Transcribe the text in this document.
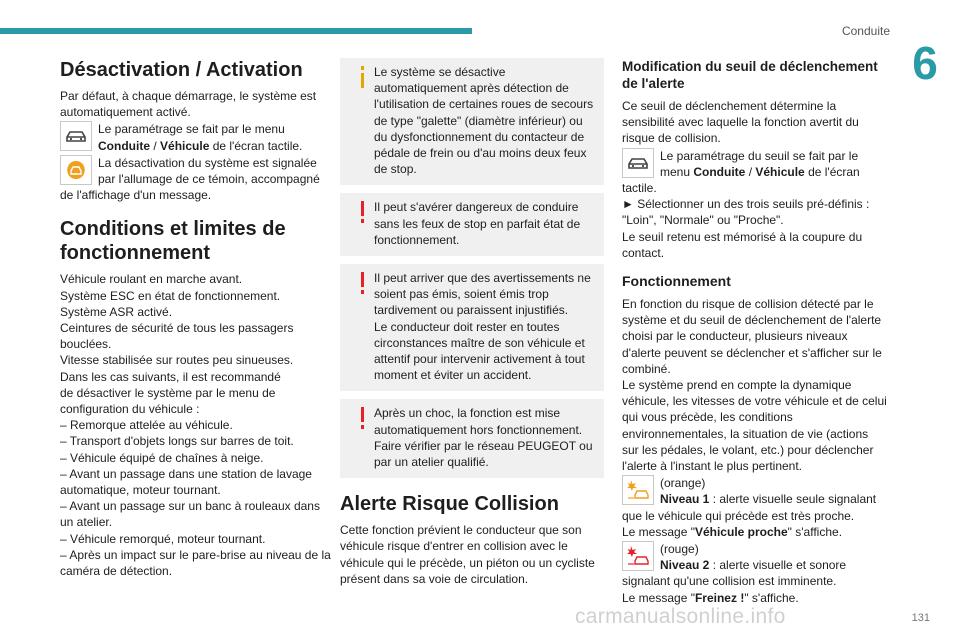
Conduite
6
Désactivation / Activation

Par défaut, à chaque démarrage, le système est automatiquement activé.

Le paramétrage se fait par le menu Conduite / Véhicule de l'écran tactile.
La désactivation du système est signalée par l'allumage de ce témoin, accompagné de l'affichage d'un message.
Conditions et limites de fonctionnement

Véhicule roulant en marche avant.
Système ESC en état de fonctionnement.
Système ASR activé.
Ceintures de sécurité de tous les passagers bouclées.
Vitesse stabilisée sur routes peu sinueuses.
Dans les cas suivants, il est recommandé
de désactiver le système par le menu de configuration du véhicule :
– Remorque attelée au véhicule.
– Transport d'objets longs sur barres de toit.
– Véhicule équipé de chaînes à neige.
– Avant un passage dans une station de lavage automatique, moteur tournant.
– Avant un passage sur un banc à rouleaux dans un atelier.
– Véhicule remorqué, moteur tournant.
– Après un impact sur le pare-brise au niveau de la caméra de détection.

Le système se désactive automatiquement après détection de l'utilisation de certaines roues de secours de type "galette" (diamètre inférieur) ou du dysfonctionnement du contacteur de pédale de frein ou d'au moins deux feux de stop.

Il peut s'avérer dangereux de conduire sans les feux de stop en parfait état de fonctionnement.

Il peut arriver que des avertissements ne soient pas émis, soient émis trop tardivement ou paraissent injustifiés.
Le conducteur doit rester en toutes circonstances maître de son véhicule et attentif pour intervenir activement à tout moment et éviter un accident.

Après un choc, la fonction est mise automatiquement hors fonctionnement.
Faire vérifier par le réseau PEUGEOT ou par un atelier qualifié.

Alerte Risque Collision

Cette fonction prévient le conducteur que son véhicule risque d'entrer en collision avec le véhicule qui le précède, un piéton ou un cycliste présent dans sa voie de circulation.

Modification du seuil de déclenchement de l'alerte

Ce seuil de déclenchement détermine la sensibilité avec laquelle la fonction avertit du risque de collision.

Le paramétrage du seuil se fait par le menu Conduite / Véhicule de l'écran tactile.

► Sélectionner un des trois seuils pré-définis : "Loin", "Normale" ou "Proche".
Le seuil retenu est mémorisé à la coupure du contact.

Fonctionnement

En fonction du risque de collision détecté par le système et du seuil de déclenchement de l'alerte choisi par le conducteur, plusieurs niveaux d'alerte peuvent se déclencher et s'afficher sur le combiné.
Le système prend en compte la dynamique véhicule, les vitesses de votre véhicule et de celui qui vous précède, les conditions environnementales, la situation de vie (actions sur les pédales, le volant, etc.) pour déclencher l'alerte à l'instant le plus pertinent.

(orange)
Niveau 1 : alerte visuelle seule signalant que le véhicule qui précède est très proche.

Le message "Véhicule proche" s'affiche.

(rouge)
Niveau 2 : alerte visuelle et sonore signalant qu'une collision est imminente.

Le message "Freinez !" s'affiche.

carmanualsonline.info	131
